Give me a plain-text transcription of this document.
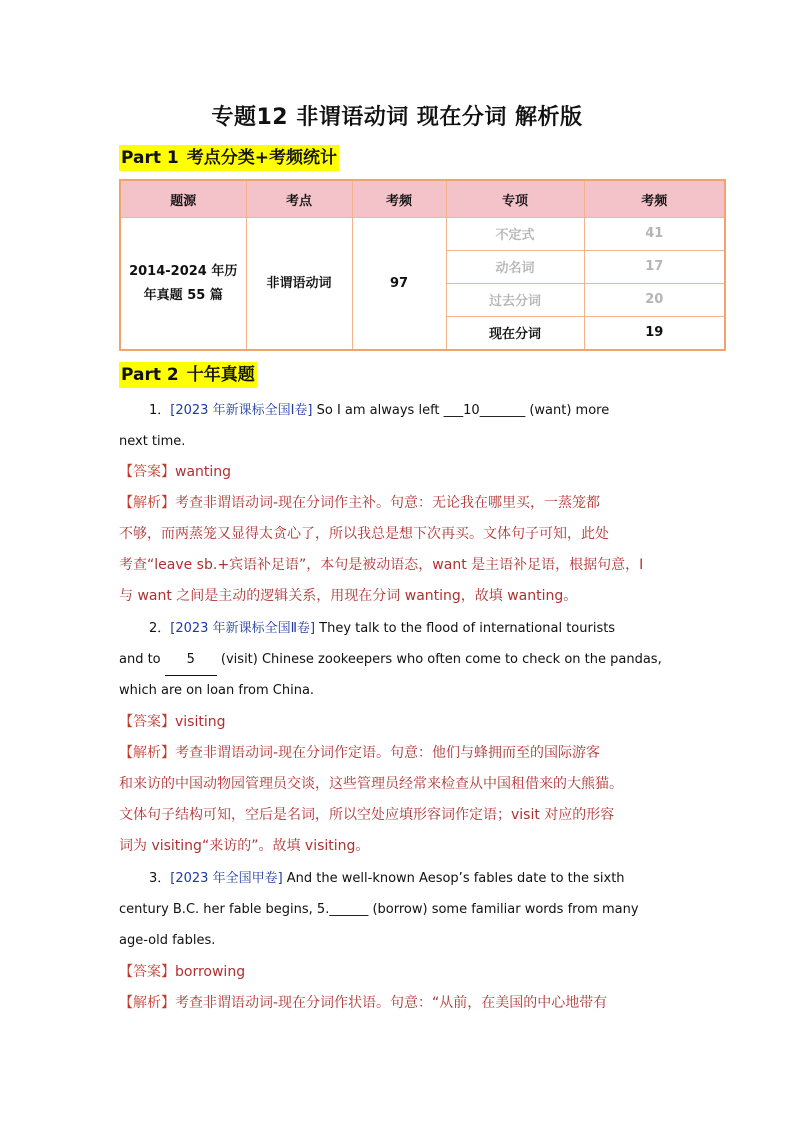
专题12 非谓语动词 现在分词 解析版
Part 1 考点分类+考频统计
题源	考点	考频	专项	考频

2014-2024 年历
年真题 55 篇	非谓语动词	97	不定式	41
			动名词	17
			过去分词	20
			现在分词	19
Part 2 十年真题
1．[2023 年新课标全国Ⅰ卷] So I am always left ___10_______ (want) more
next time.
【答案】wanting
【解析】考查非谓语动词-现在分词作主补。句意：无论我在哪里买，一蒸笼都
不够，而两蒸笼又显得太贪心了，所以我总是想下次再买。文体句子可知，此处
考查“leave sb.+宾语补足语”，本句是被动语态，want 是主语补足语，根据句意，I
与 want 之间是主动的逻辑关系，用现在分词 wanting，故填 wanting。
2．[2023 年新课标全国Ⅱ卷] They talk to the flood of international tourists
and to 5 (visit) Chinese zookeepers who often come to check on the pandas,
which are on loan from China.
【答案】visiting
【解析】考查非谓语动词-现在分词作定语。句意：他们与蜂拥而至的国际游客
和来访的中国动物园管理员交谈，这些管理员经常来检查从中国租借来的大熊猫。
文体句子结构可知，空后是名词，所以空处应填形容词作定语；visit 对应的形容
词为 visiting“来访的”。故填 visiting。
3．[2023 年全国甲卷] And the well-known Aesop’s fables date to the sixth
century B.C. her fable begins, 5.______ (borrow) some familiar words from many
age-old fables.
【答案】borrowing
【解析】考查非谓语动词-现在分词作状语。句意：“从前，在美国的中心地带有
